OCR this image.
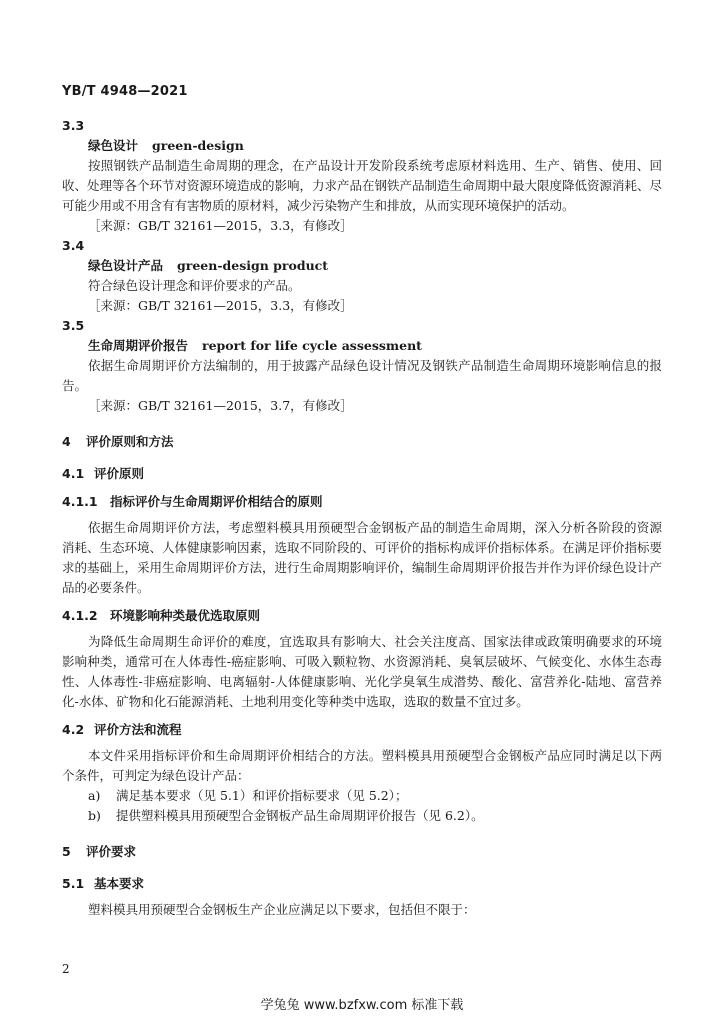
YB/T 4948—2021
3.3
绿色设计 green-design

按照钢铁产品制造生命周期的理念，在产品设计开发阶段系统考虑原材料选用、生产、销售、使用、回收、处理等各个环节对资源环境造成的影响，力求产品在钢铁产品制造生命周期中最大限度降低资源消耗、尽可能少用或不用含有有害物质的原材料，减少污染物产生和排放，从而实现环境保护的活动。

［来源：GB/T 32161—2015，3.3，有修改］
3.4
绿色设计产品 green-design product

符合绿色设计理念和评价要求的产品。

［来源：GB/T 32161—2015，3.3，有修改］
3.5
生命周期评价报告 report for life cycle assessment

依据生命周期评价方法编制的，用于披露产品绿色设计情况及钢铁产品制造生命周期环境影响信息的报告。

［来源：GB/T 32161—2015，3.7，有修改］
4 评价原则和方法
4.1 评价原则
4.1.1 指标评价与生命周期评价相结合的原则

依据生命周期评价方法，考虑塑料模具用预硬型合金钢板产品的制造生命周期，深入分析各阶段的资源消耗、生态环境、人体健康影响因素，选取不同阶段的、可评价的指标构成评价指标体系。在满足评价指标要求的基础上，采用生命周期评价方法，进行生命周期影响评价，编制生命周期评价报告并作为评价绿色设计产品的必要条件。

4.1.2 环境影响种类最优选取原则

为降低生命周期生命评价的难度，宜选取具有影响大、社会关注度高、国家法律或政策明确要求的环境影响种类，通常可在人体毒性-癌症影响、可吸入颗粒物、水资源消耗、臭氧层破坏、气候变化、水体生态毒性、人体毒性-非癌症影响、电离辐射-人体健康影响、光化学臭氧生成潜势、酸化、富营养化-陆地、富营养化-水体、矿物和化石能源消耗、土地利用变化等种类中选取，选取的数量不宜过多。

4.2 评价方法和流程

本文件采用指标评价和生命周期评价相结合的方法。塑料模具用预硬型合金钢板产品应同时满足以下两个条件，可判定为绿色设计产品：

a) 满足基本要求（见 5.1）和评价指标要求（见 5.2）；
b) 提供塑料模具用预硬型合金钢板产品生命周期评价报告（见 6.2）。
5 评价要求
5.1 基本要求

塑料模具用预硬型合金钢板生产企业应满足以下要求，包括但不限于：

2
学兔兔 www.bzfxw.com 标准下载
